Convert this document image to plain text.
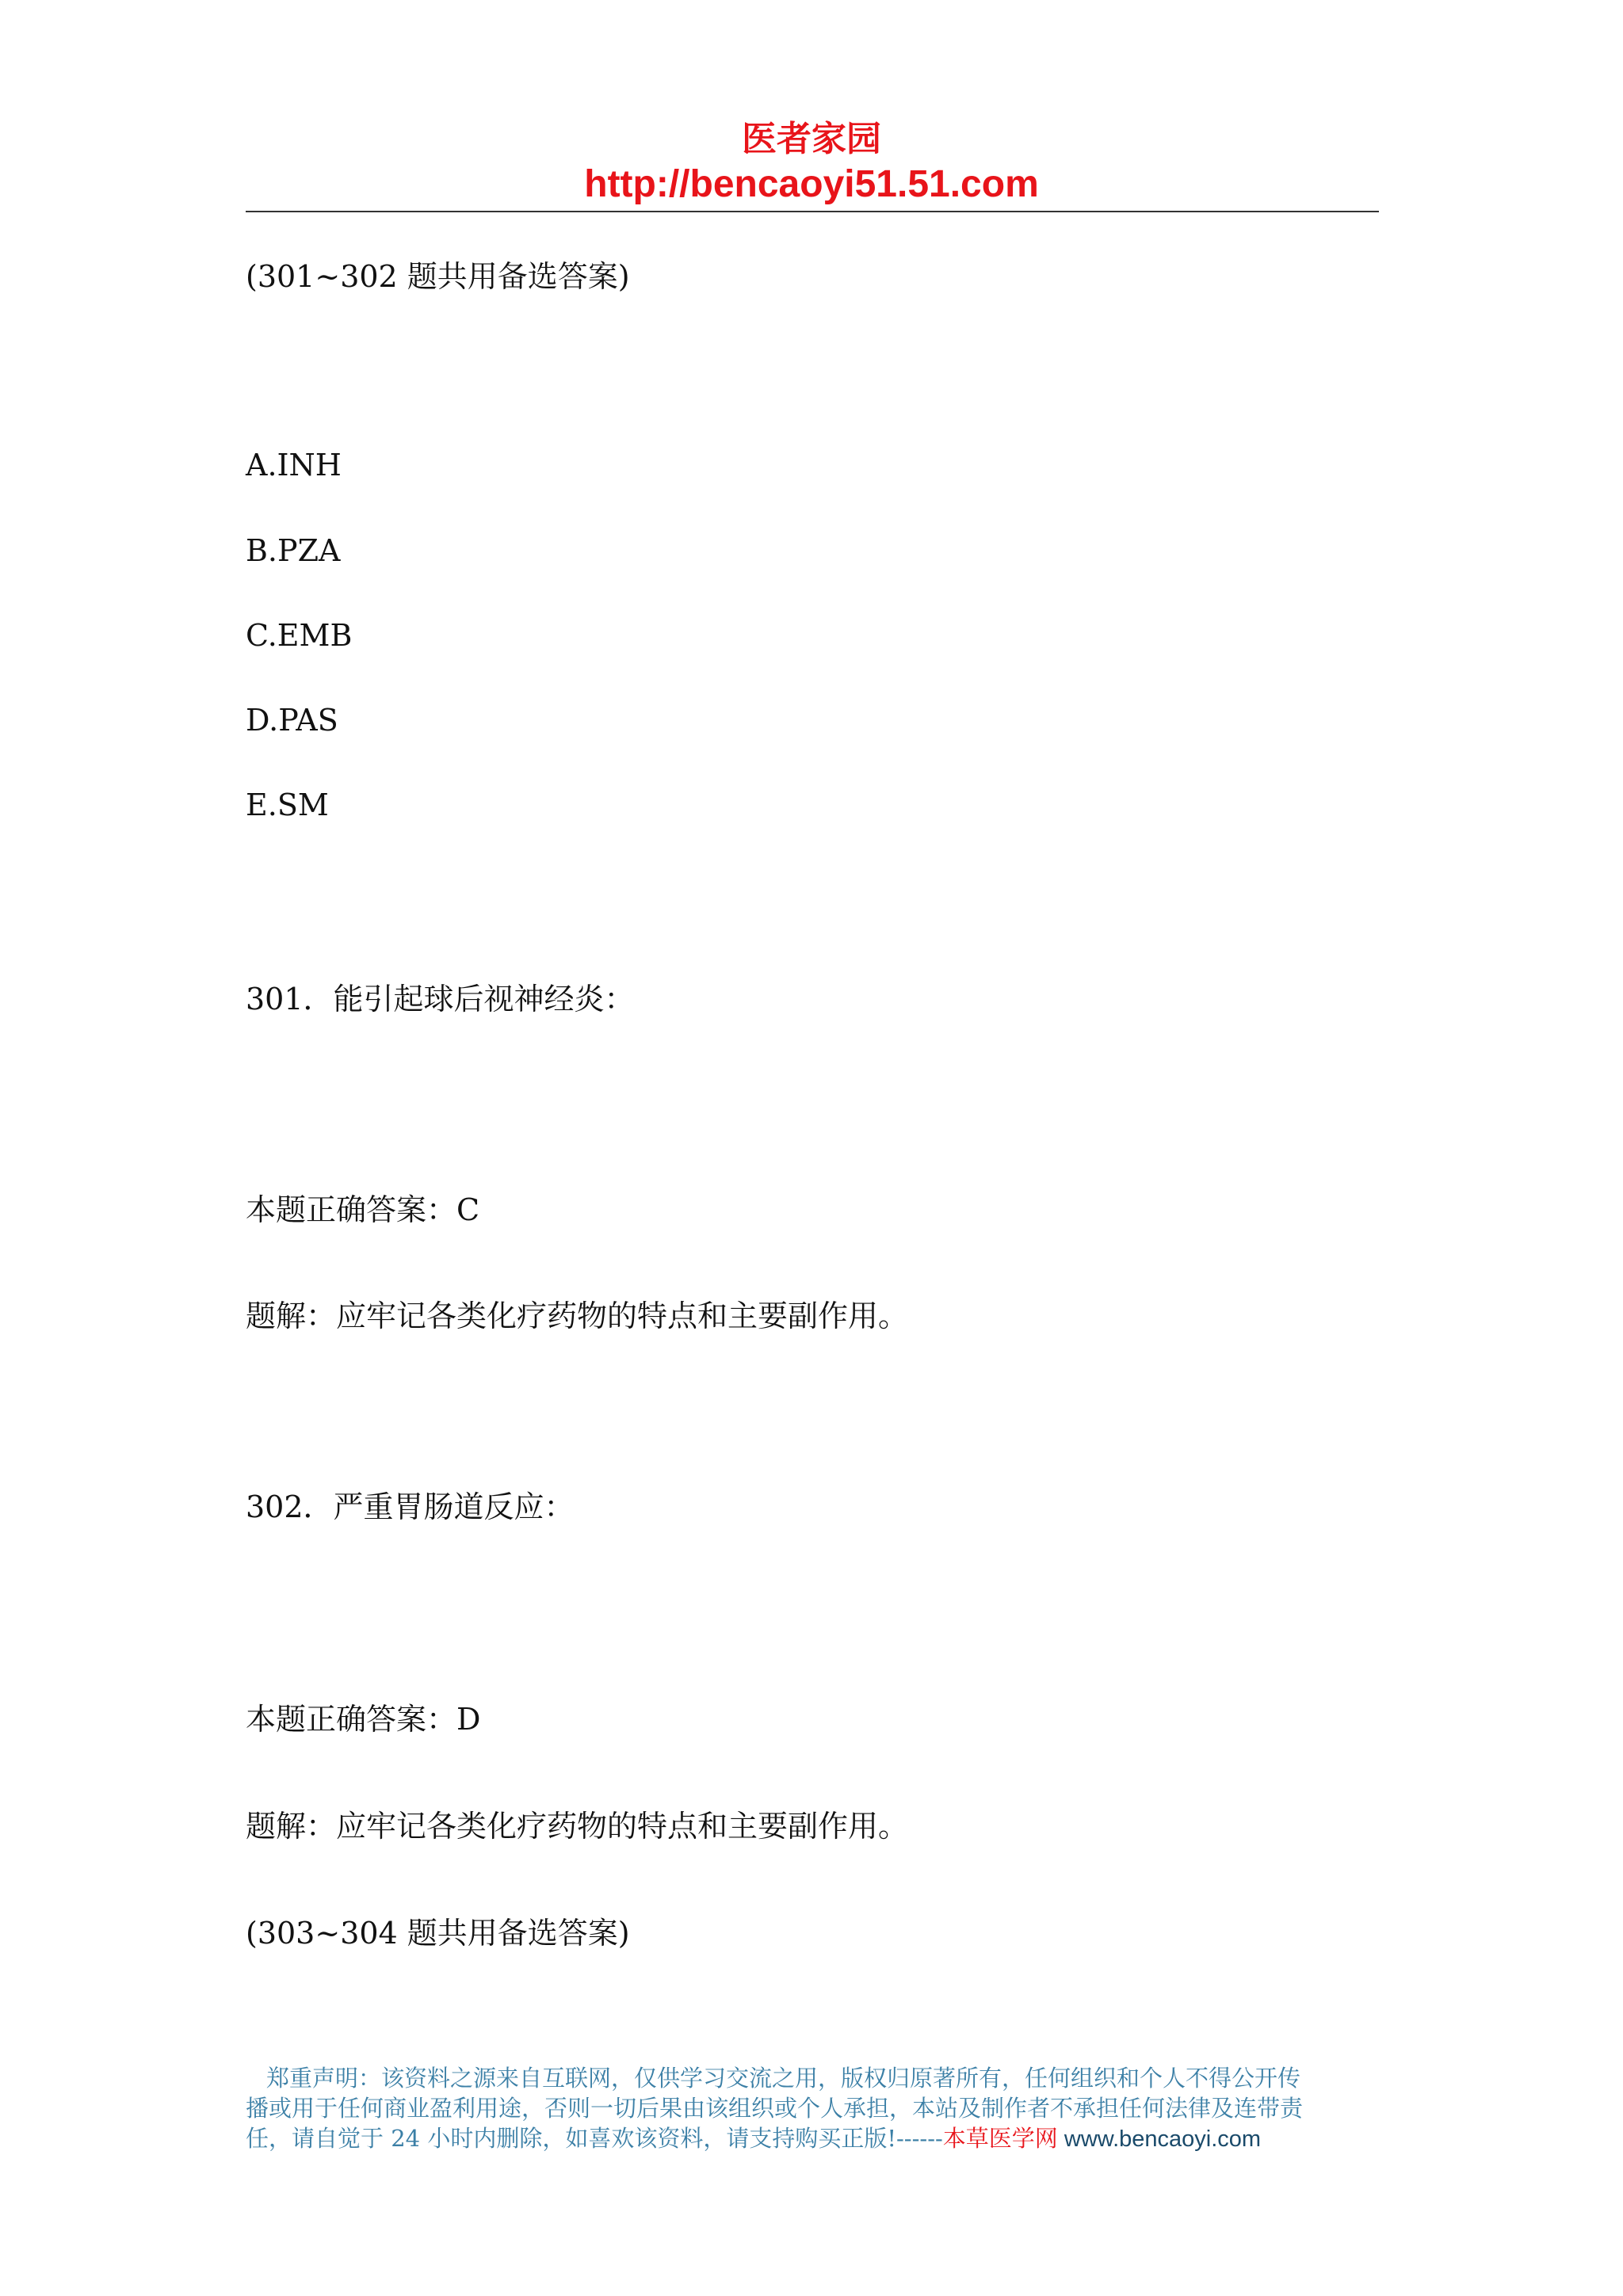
医者家园
http://bencaoyi51.51.com

(301~302 题共用备选答案)

A.INH

B.PZA

C.EMB

D.PAS

E.SM

301．能引起球后视神经炎：

本题正确答案：C

题解：应牢记各类化疗药物的特点和主要副作用。

302．严重胃肠道反应：

本题正确答案：D

题解：应牢记各类化疗药物的特点和主要副作用。

(303~304 题共用备选答案)

郑重声明：该资料之源来自互联网，仅供学习交流之用，版权归原著所有，任何组织和个人不得公开传

播或用于任何商业盈利用途，否则一切后果由该组织或个人承担，本站及制作者不承担任何法律及连带责

任，请自觉于 24 小时内删除，如喜欢该资料，请支持购买正版!------本草医学网 www.bencaoyi.com
